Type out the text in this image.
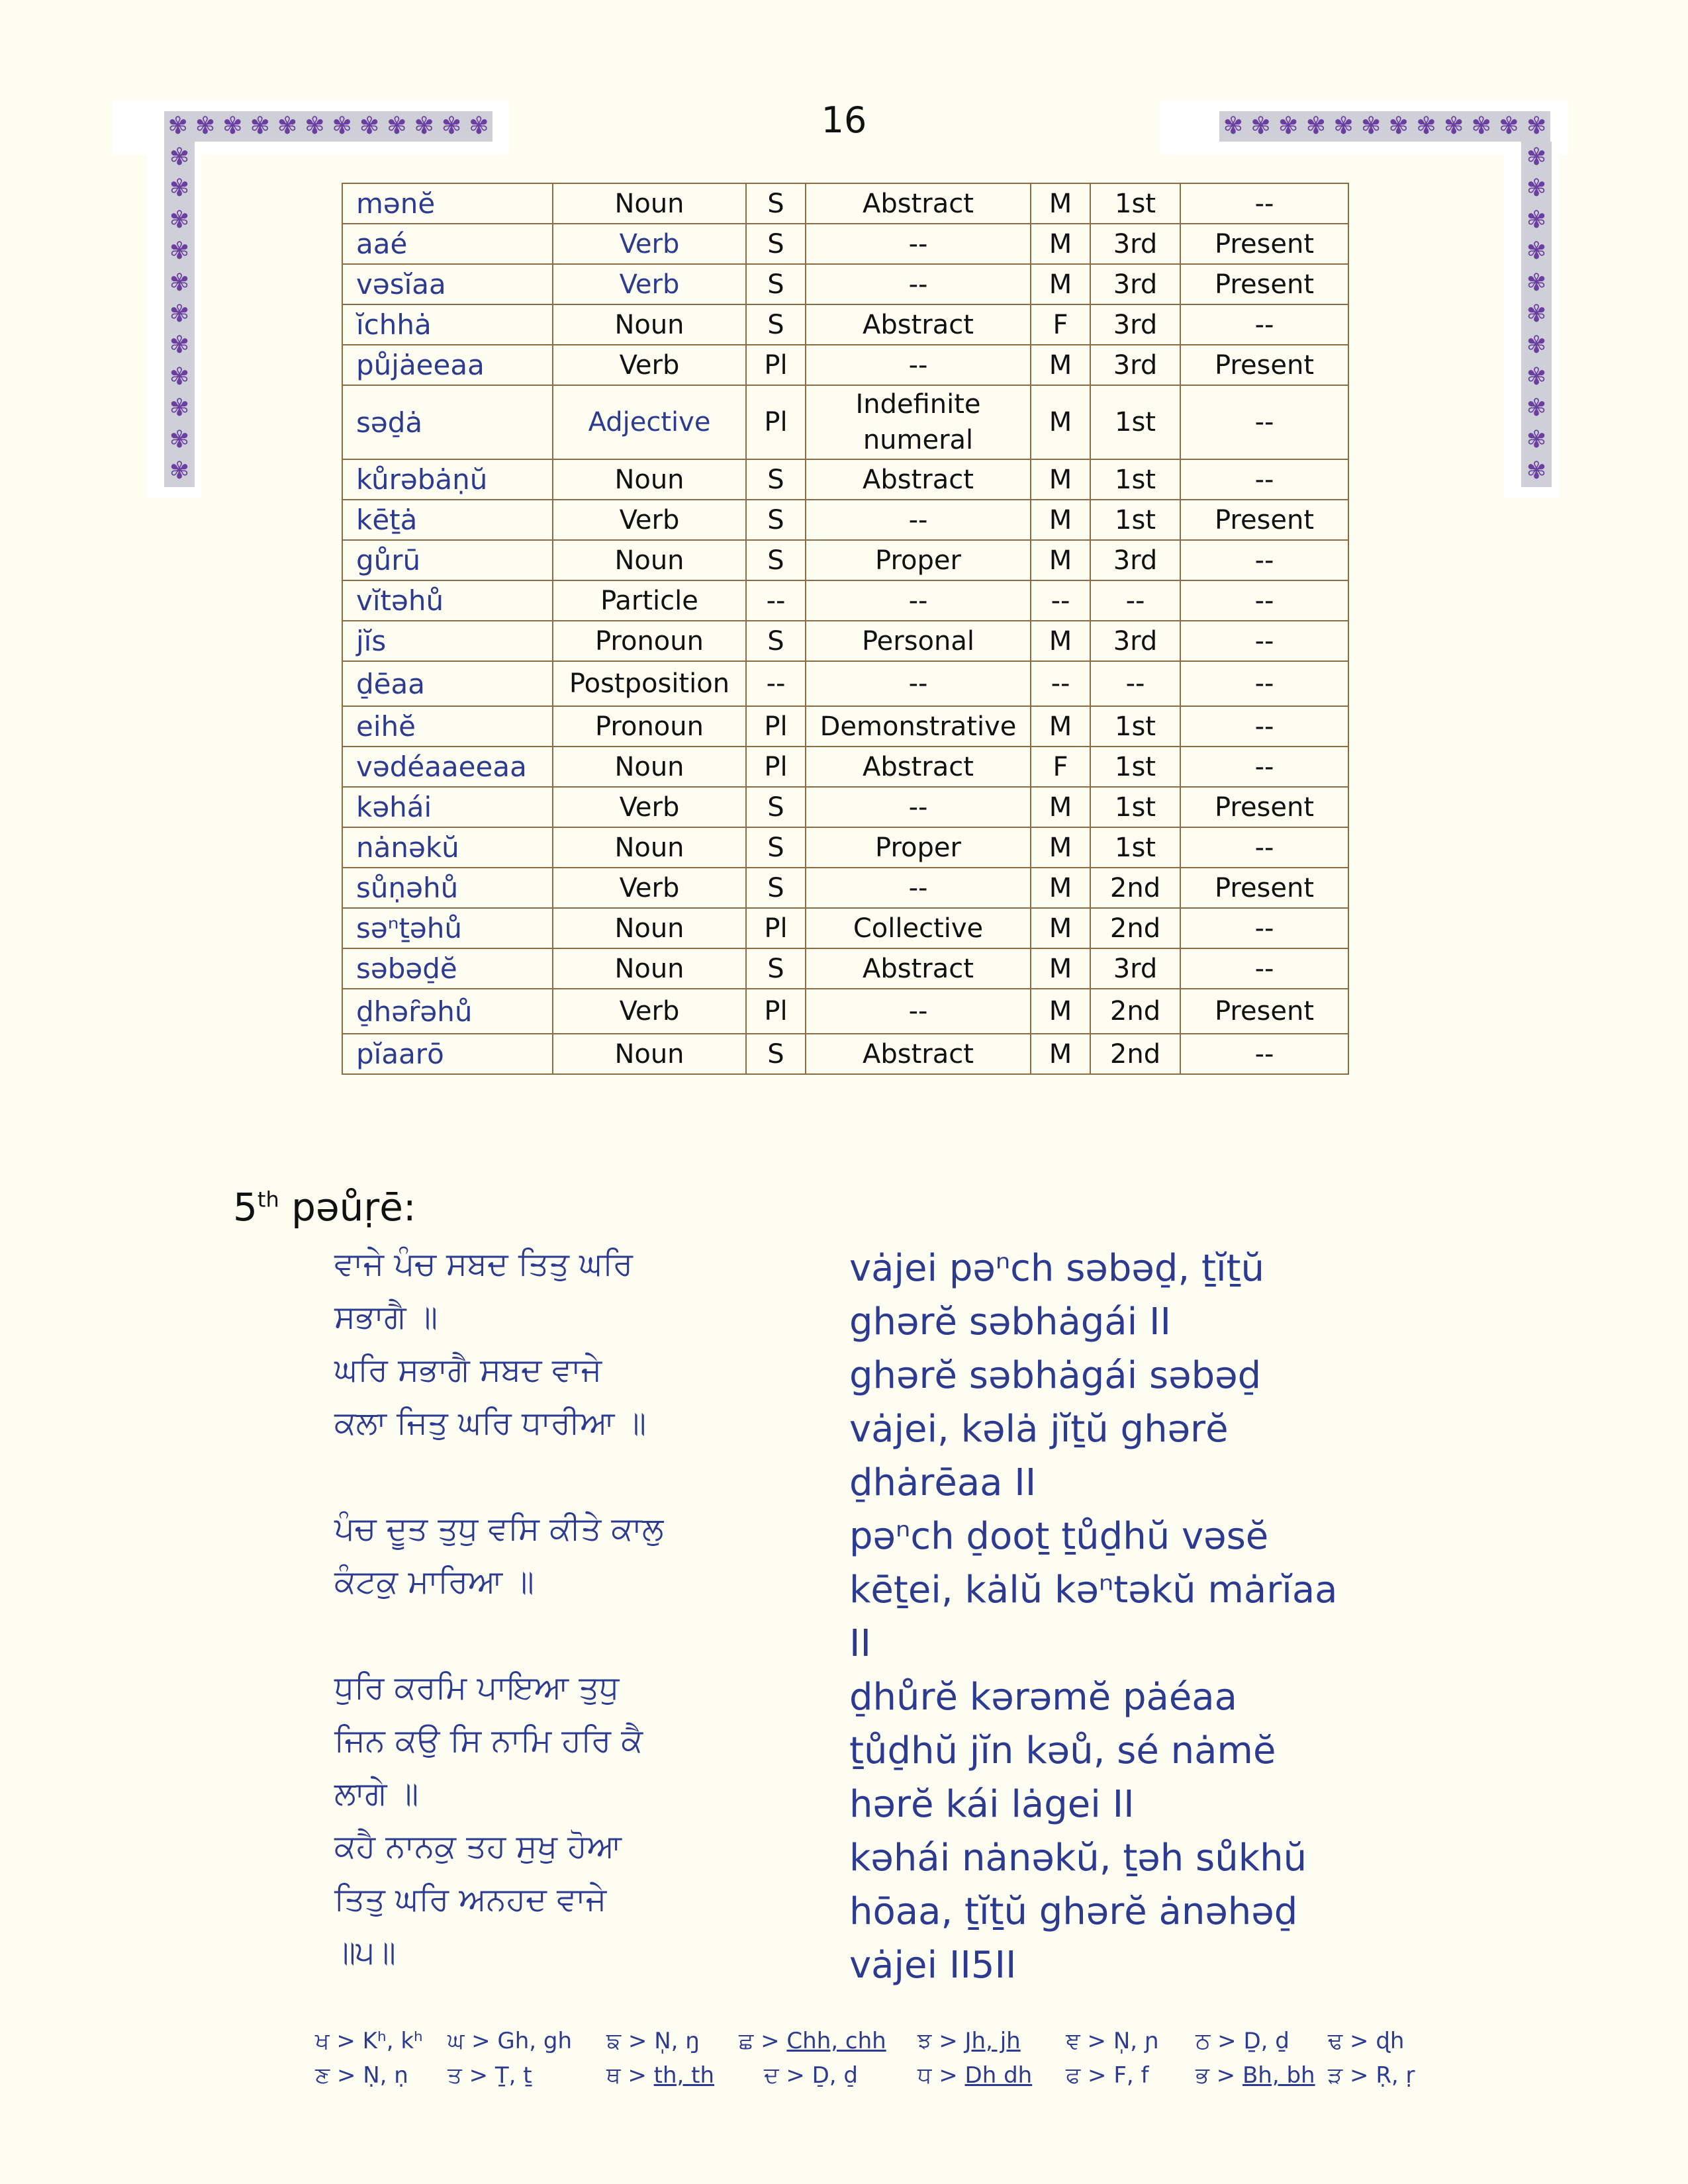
16
✾ ✾ ✾ ✾ ✾ ✾ ✾ ✾ ✾ ✾ ✾ ✾
✾
✾
✾
✾
✾
✾
✾
✾
✾
✾
✾
✾ ✾ ✾ ✾ ✾ ✾ ✾ ✾ ✾ ✾ ✾ ✾
✾
✾
✾
✾
✾
✾
✾
✾
✾
✾
✾
mənĕ	Noun	S	Abstract	M	1st	--
aaé	Verb	S	--	M	3rd	Present
vəsĭaa	Verb	S	--	M	3rd	Present
ĭchhȧ	Noun	S	Abstract	F	3rd	--
půjȧeeaa	Verb	Pl	--	M	3rd	Present
səd̠ȧ	Adjective	Pl	Indefinite numeral	M	1st	--
kůrəbȧṇŭ	Noun	S	Abstract	M	1st	--
kēṯȧ	Verb	S	--	M	1st	Present
gůrū	Noun	S	Proper	M	3rd	--
vĭtəhů	Particle	--	--	--	--	--
jĭs	Pronoun	S	Personal	M	3rd	--
d̠ēaa	Postposition	--	--	--	--	--
eihĕ	Pronoun	Pl	Demonstrative	M	1st	--
vədéaaeeaa	Noun	Pl	Abstract	F	1st	--
kəhái	Verb	S	--	M	1st	Present
nȧnəkŭ	Noun	S	Proper	M	1st	--
sůṇəhů	Verb	S	--	M	2nd	Present
səⁿṯəhů	Noun	Pl	Collective	M	2nd	--
səbəd̠ĕ	Noun	S	Abstract	M	3rd	--
d̠həȓəhů	Verb	Pl	--	M	2nd	Present
pĭaarō	Noun	S	Abstract	M	2nd	--
5th pəůṛē:
ਵਾਜੇ ਪੰਚ ਸਬਦ ਤਿਤੁ ਘਰਿ
ਸਭਾਗੈ ॥
ਘਰਿ ਸਭਾਗੈ ਸਬਦ ਵਾਜੇ
ਕਲਾ ਜਿਤੁ ਘਰਿ ਧਾਰੀਆ ॥
ਪੰਚ ਦੂਤ ਤੁਧੁ ਵਸਿ ਕੀਤੇ ਕਾਲੁ
ਕੰਟਕੁ ਮਾਰਿਆ ॥
ਧੁਰਿ ਕਰਮਿ ਪਾਇਆ ਤੁਧੁ
ਜਿਨ ਕਉ ਸਿ ਨਾਮਿ ਹਰਿ ਕੈ
ਲਾਗੇ ॥
ਕਹੈ ਨਾਨਕੁ ਤਹ ਸੁਖੁ ਹੋਆ
ਤਿਤੁ ਘਰਿ ਅਨਹਦ ਵਾਜੇ
॥੫॥
vȧjei pəⁿch səbəd̠, ṯĭṯŭ
ghərĕ səbhȧgái II
ghərĕ səbhȧgái səbəd̠
vȧjei, kəlȧ jĭṯŭ ghərĕ
d̠hȧrēaa II
pəⁿch d̠ooṯ ṯůd̠hŭ vəsĕ
kēṯei, kȧlŭ kəⁿtəkŭ mȧrĭaa
II
d̠hůrĕ kərəmĕ pȧéaa
ṯůd̠hŭ jĭn kəů, sé nȧmĕ
hərĕ kái lȧgei II
kəhái nȧnəkŭ, ṯəh sůkhŭ
hōaa, ṯĭṯŭ ghərĕ ȧnəhəd̠
vȧjei II5II
ਖ > Kʰ, kʰ ਘ > Gh, gh ਙ > N̩, ŋ ਛ > Chh, chh ਝ > Jh, jh ਞ > N̩, ɲ ਠ > Ḏ, ḏ ਢ > ɖh
ਣ > Ṇ, ṇ ਤ > Ṯ, ṯ	ਥ > th, th ਦ > D̠, d̠	ਧ > Dh dh ਫ > F, f ਭ > Bh, bh ੜ > Ṛ, ṛ
